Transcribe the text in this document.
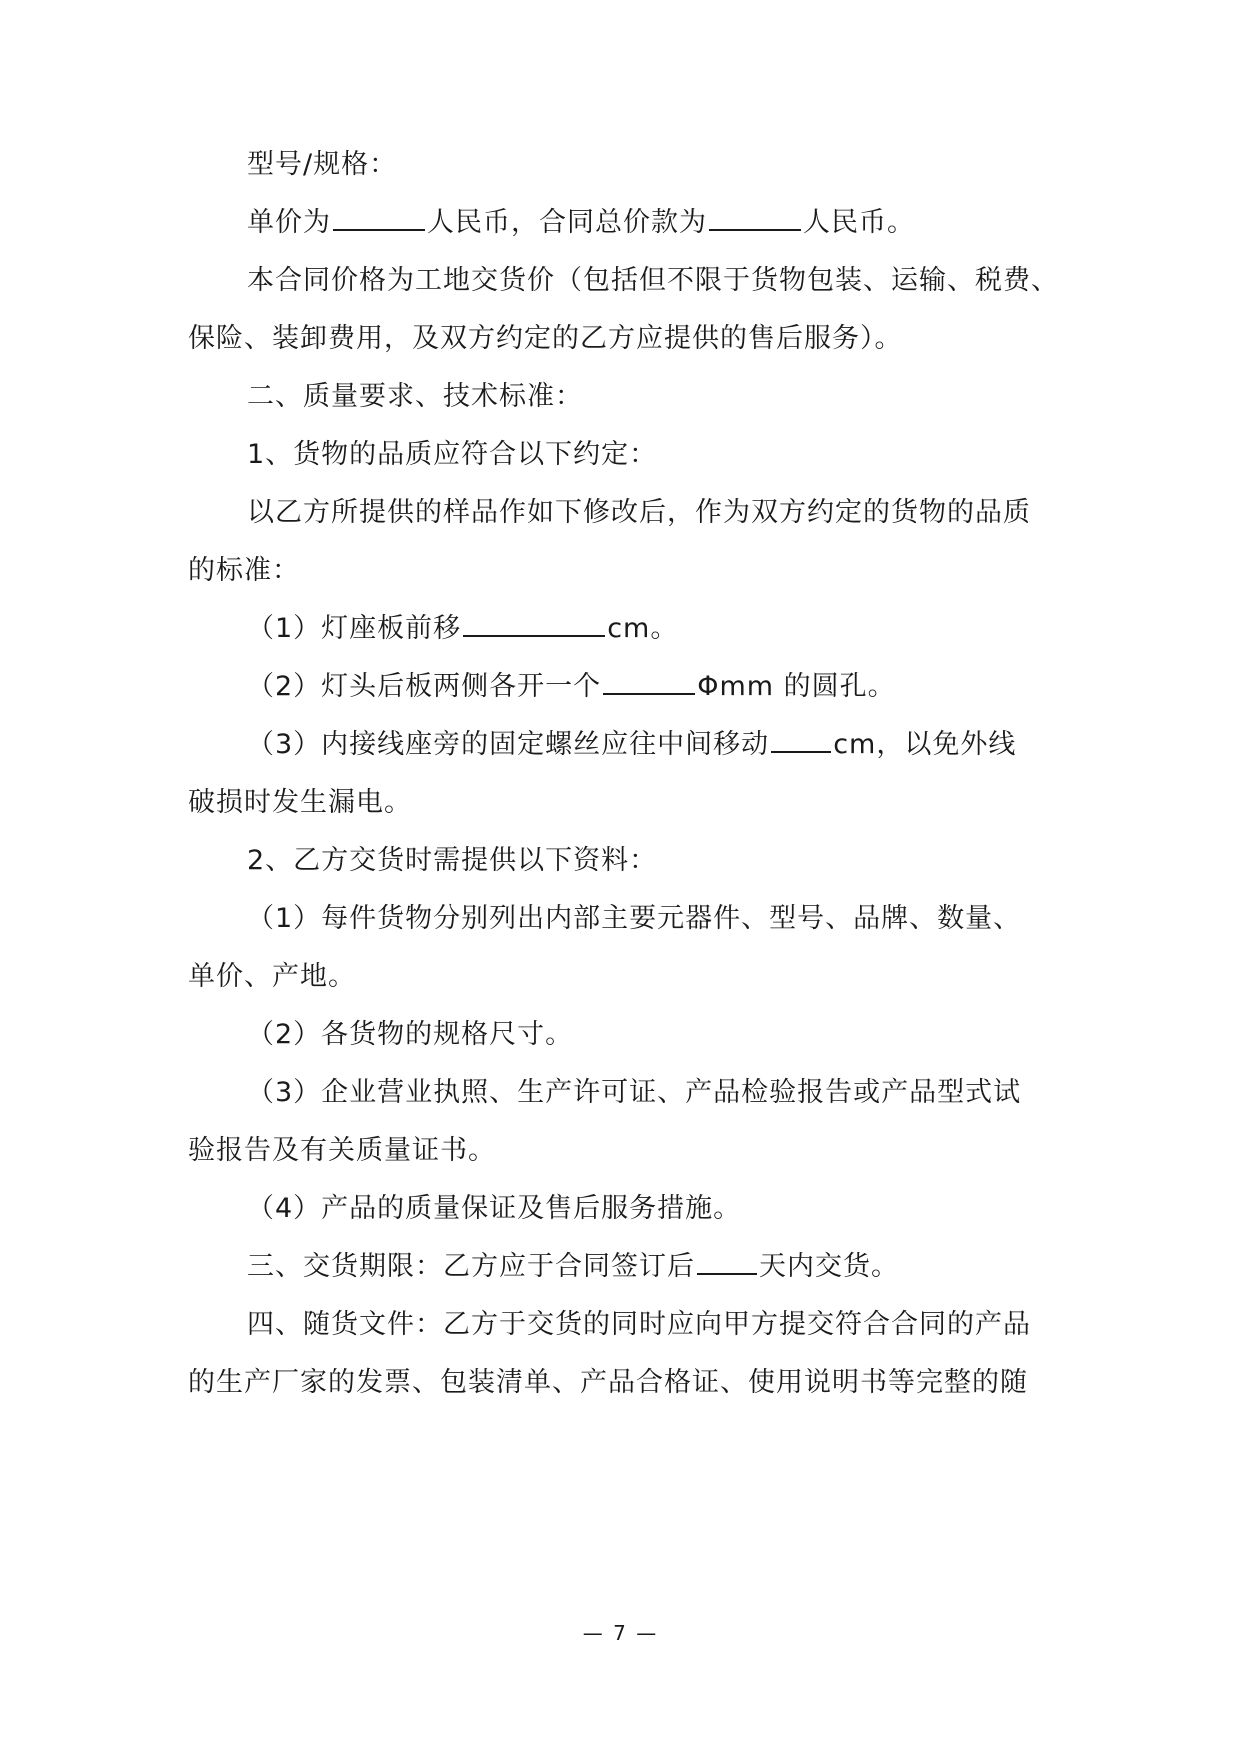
型号/规格：
单价为	人民币，合同总价款为	人民币。
本合同价格为工地交货价（包括但不限于货物包装、运输、税费、
保险、装卸费用，及双方约定的乙方应提供的售后服务）。
二、质量要求、技术标准：
1、货物的品质应符合以下约定：
以乙方所提供的样品作如下修改后，作为双方约定的货物的品质
的标准：
（1）灯座板前移	cm。
（2）灯头后板两侧各开一个	Φmm 的圆孔。
（3）内接线座旁的固定螺丝应往中间移动 cm，以免外线
破损时发生漏电。
2、乙方交货时需提供以下资料：
（1）每件货物分别列出内部主要元器件、型号、品牌、数量、
单价、产地。
（2）各货物的规格尺寸。
（3）企业营业执照、生产许可证、产品检验报告或产品型式试
验报告及有关质量证书。
（4）产品的质量保证及售后服务措施。
三、交货期限：乙方应于合同签订后 天内交货。
四、随货文件：乙方于交货的同时应向甲方提交符合合同的产品
的生产厂家的发票、包装清单、产品合格证、使用说明书等完整的随
— 7 —
